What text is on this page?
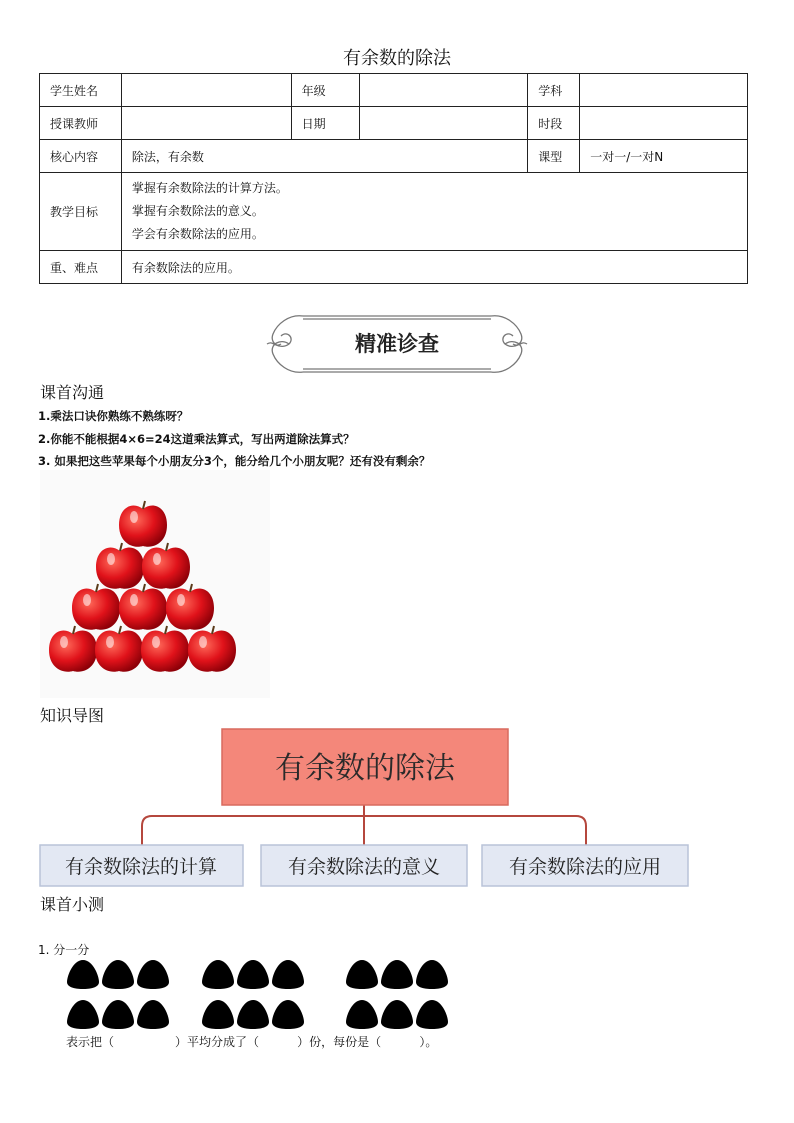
有余数的除法
学生姓名		年级		学科	
授课教师		日期		时段	
核心内容	除法，有余数			课型	一对一/一对N
教学目标	掌握有余数除法的计算方法。
掌握有余数除法的意义。
学会有余数除法的应用。				

重、难点	有余数除法的应用。				
精准诊查
课首沟通
1.乘法口诀你熟练不熟练呀？
2.你能不能根据4×6=24这道乘法算式，写出两道除法算式？
3. 如果把这些苹果每个小朋友分3个，能分给几个小朋友呢？还有没有剩余？
知识导图
有余数的除法
有余数除法的计算	有余数除法的意义	有余数除法的应用
课首小测
1. 分一分
表示把（                ）平均分成了（          ）份，每份是（          ）。
